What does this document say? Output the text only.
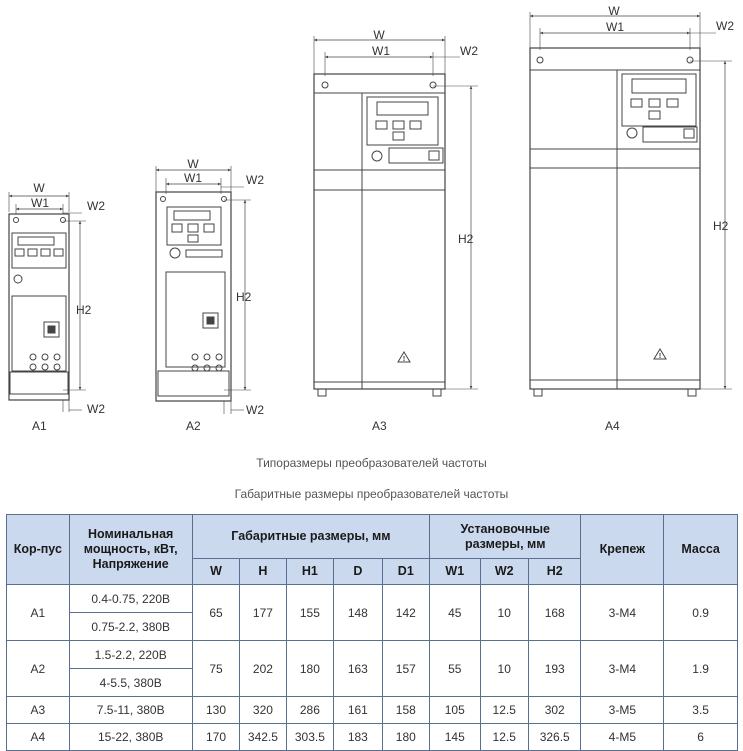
W
W1	W2
H2
W2
A1
W
W1	W2
H2
W2
A2
W
W1	W2
H2
A3
W
W1	W2
H2
A4
!	!
Типоразмеры преобразователей частоты
Габаритные размеры преобразователей частоты
Кор-пус	Номинальная мощность, кВт, Напряжение	Габаритные размеры, мм					Установочные размеры, мм			Крепеж	Масса
		W	H	H1	D	D1	W1	W2	H2		
A1	0.4-0.75, 220В	65	177	155	148	142	45	10	168	3-М4	0.9
	0.75-2.2, 380В										
A2	1.5-2.2, 220В	75	202	180	163	157	55	10	193	3-М4	1.9
	4-5.5, 380В										
A3	7.5-11, 380В	130	320	286	161	158	105	12.5	302	3-М5	3.5
A4	15-22, 380В	170	342.5	303.5	183	180	145	12.5	326.5	4-М5	6
